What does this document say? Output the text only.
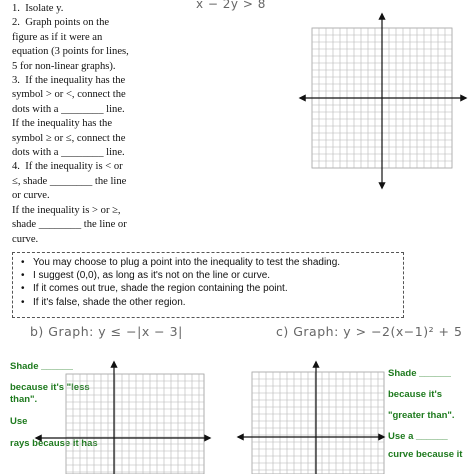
x − 2y > 8
1.  Isolate y.
2.  Graph points on the
figure as if it were an
equation (3 points for lines,
5 for non-linear graphs).
3.  If the inequality has the
symbol > or <, connect the
dots with a ________ line.
If the inequality has the
symbol ≥ or ≤, connect the
dots with a ________ line.
4.  If the inequality is < or
≤, shade ________ the line
or curve.
If the inequality is > or ≥,
shade ________ the line or
curve.
• You may choose to plug a point into the inequality to test the shading.
• I suggest (0,0), as long as it's not on the line or curve.
• If it comes out true, shade the region containing the point.
• If it's false, shade the other region.
b) Graph: y ≤ −|x − 3|	c) Graph: y > −2(x−1)² + 5
Shade ______
because it's "less
than".
Use
rays because it has
Shade ______
because it's
"greater than".
Use a ______
curve because it
